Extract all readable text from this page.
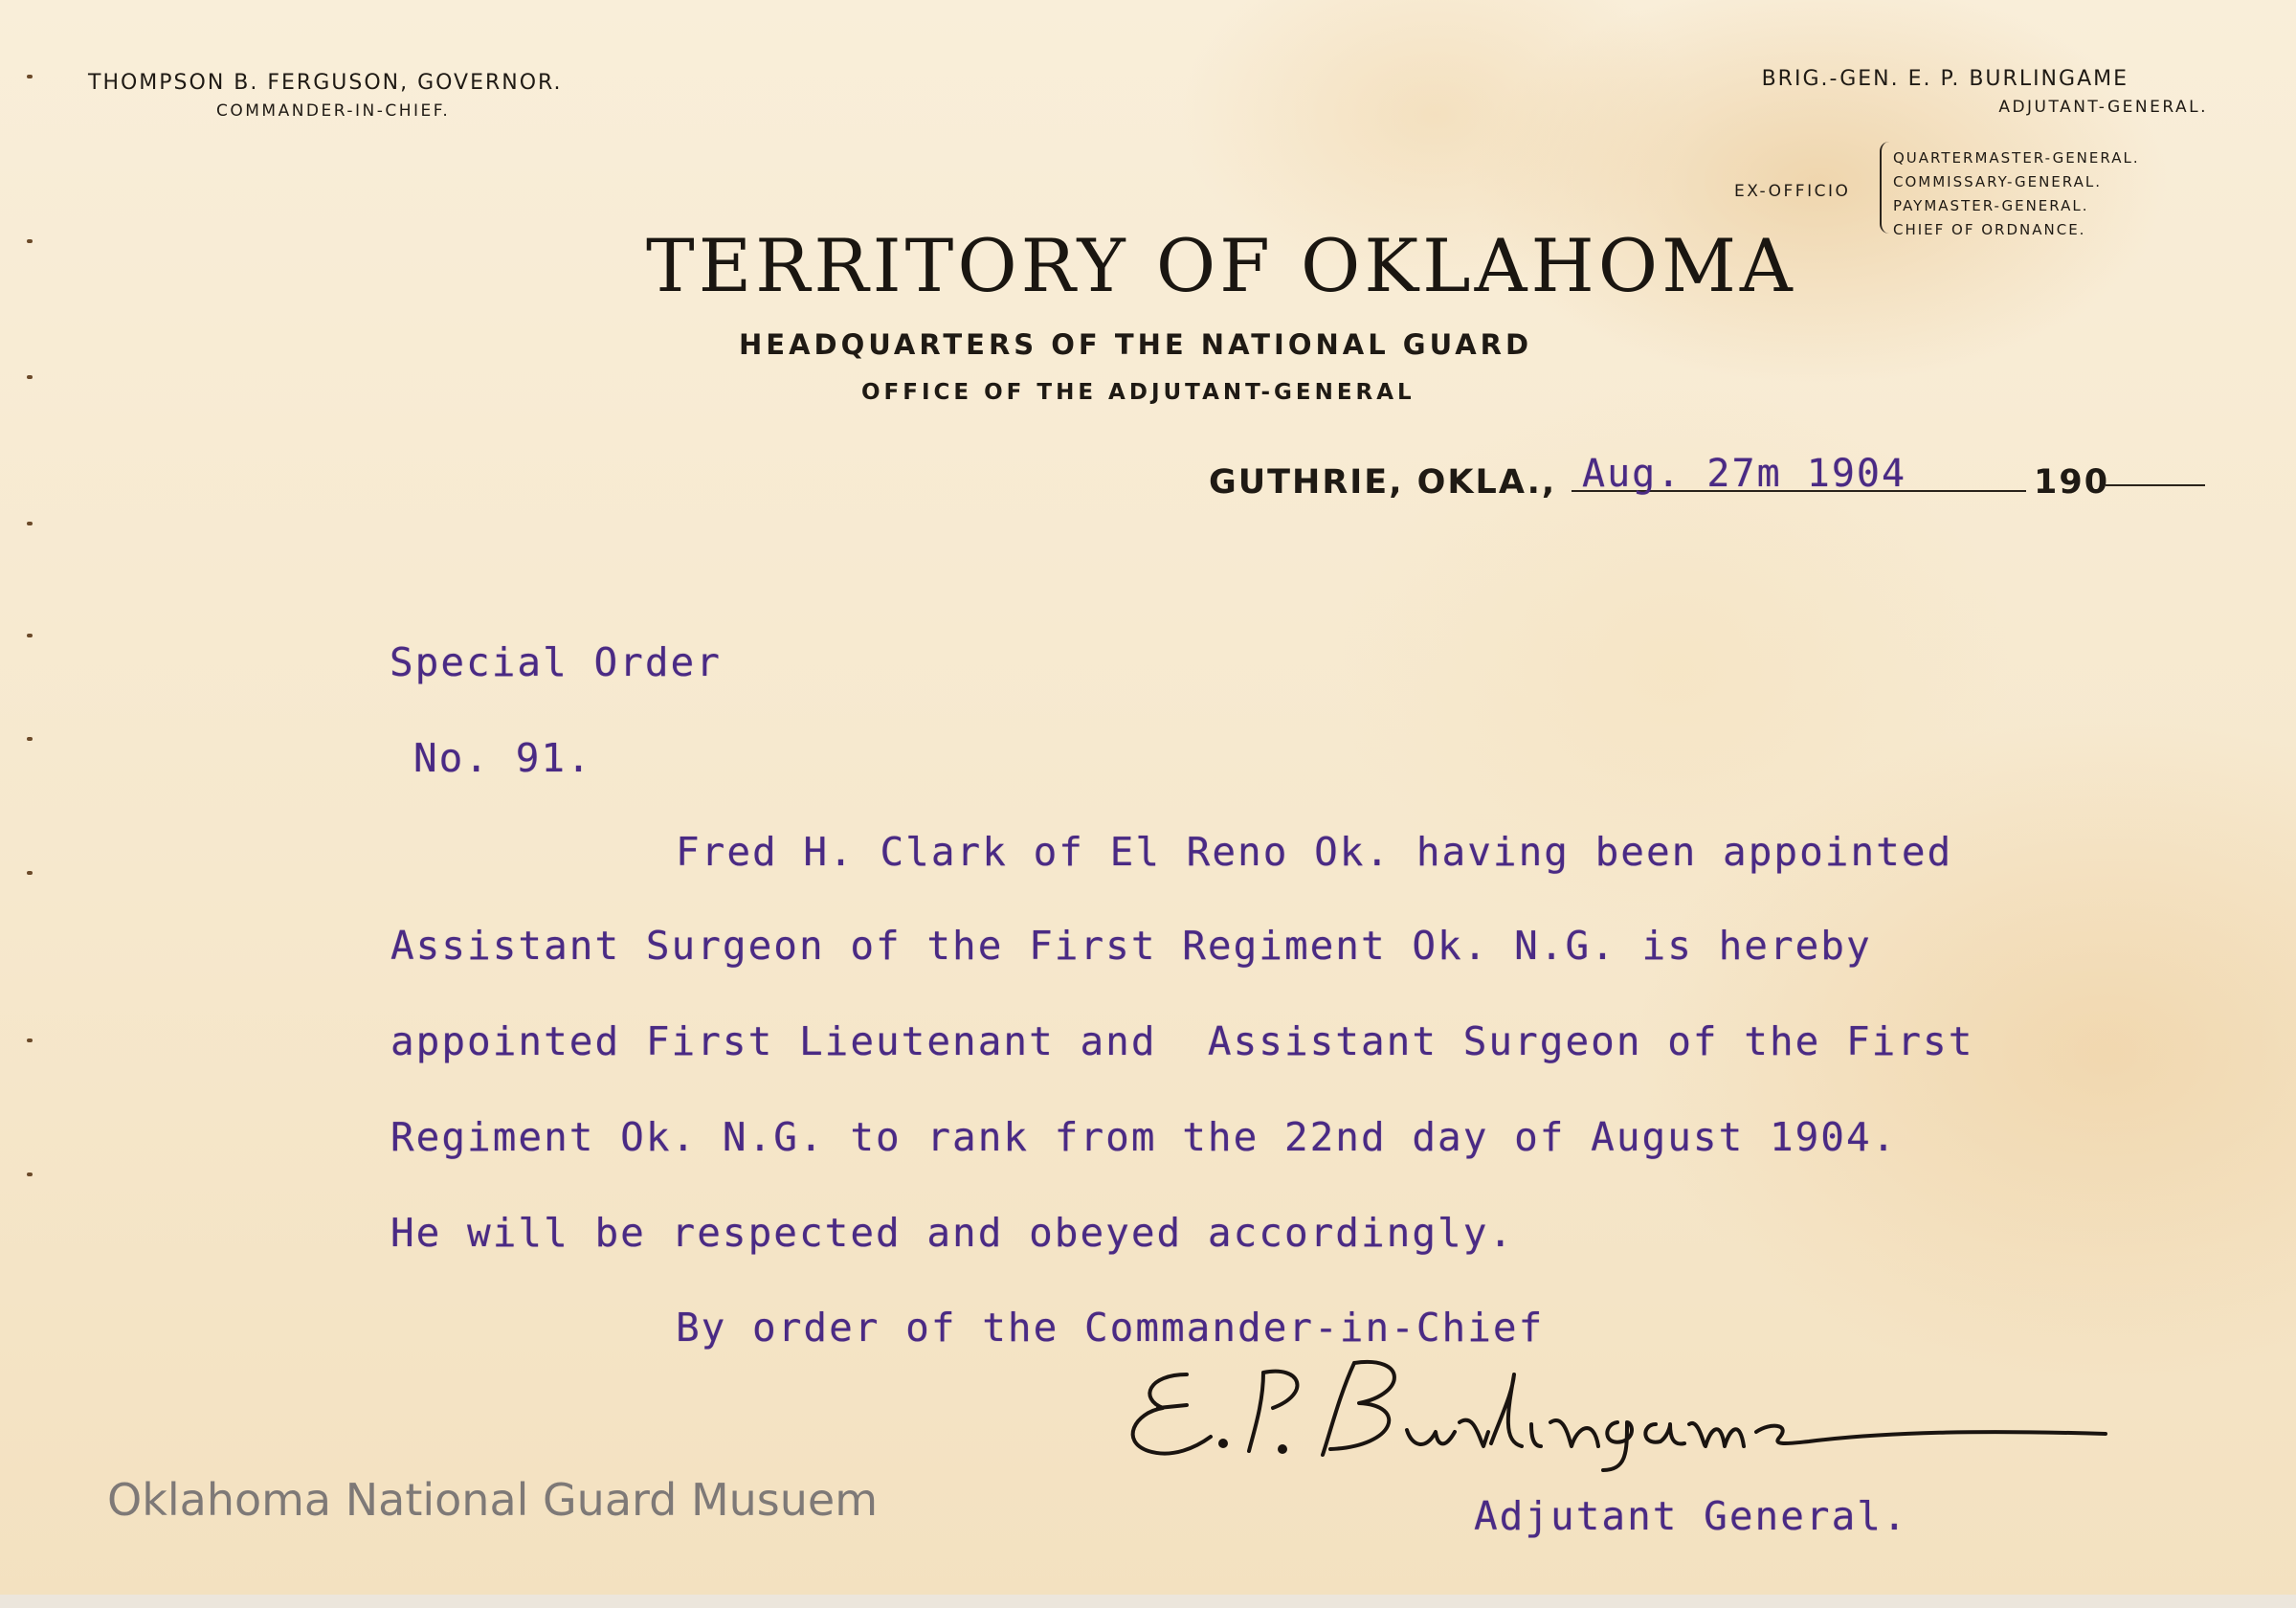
THOMPSON B. FERGUSON, GOVERNOR.
COMMANDER-IN-CHIEF.
BRIG.-GEN. E. P. BURLINGAME
ADJUTANT-GENERAL.
EX-OFFICIO
QUARTERMASTER-GENERAL.
COMMISSARY-GENERAL.
PAYMASTER-GENERAL.
CHIEF OF ORDNANCE.
TERRITORY OF OKLAHOMA
HEADQUARTERS OF THE NATIONAL GUARD
OFFICE OF THE ADJUTANT-GENERAL
GUTHRIE, OKLA., Aug. 27m 1904	190
Special Order
No. 91.
Fred H. Clark of El Reno Ok. having been appointed
Assistant Surgeon of the First Regiment Ok. N.G. is hereby
appointed First Lieutenant and  Assistant Surgeon of the First
Regiment Ok. N.G. to rank from the 22nd day of August 1904.
He will be respected and obeyed accordingly.
By order of the Commander-in-Chief
Adjutant General.
Oklahoma National Guard Musuem
